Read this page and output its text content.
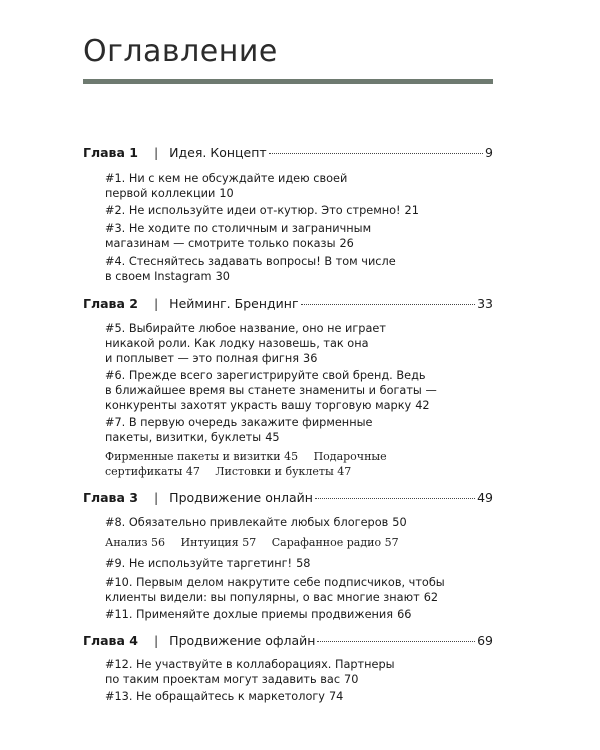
Оглавление
Глава 1 | Идея. Концепт	9
#1. Ни с кем не обсуждайте идею своей
первой коллекции 10
#2. Не используйте идеи от-кутюр. Это стремно! 21
#3. Не ходите по столичным и заграничным
магазинам — смотрите только показы 26
#4. Стесняйтесь задавать вопросы! В том числе
в своем Instagram 30
Глава 2 | Нейминг. Брендинг	33
#5. Выбирайте любое название, оно не играет
никакой роли. Как лодку назовешь, так она
и поплывет — это полная фигня 36
#6. Прежде всего зарегистрируйте свой бренд. Ведь
в ближайшее время вы станете знамениты и богаты —
конкуренты захотят украсть вашу торговую марку 42
#7. В первую очередь закажите фирменные
пакеты, визитки, буклеты 45
Фирменные пакеты и визитки 45 Подарочные
сертификаты 47 Листовки и буклеты 47
Глава 3 | Продвижение онлайн	49
#8. Обязательно привлекайте любых блогеров 50
Анализ 56 Интуиция 57 Сарафанное радио 57
#9. Не используйте таргетинг! 58
#10. Первым делом накрутите себе подписчиков, чтобы
клиенты видели: вы популярны, о вас многие знают 62
#11. Применяйте дохлые приемы продвижения 66
Глава 4 | Продвижение офлайн	69
#12. Не участвуйте в коллаборациях. Партнеры
по таким проектам могут задавить вас 70
#13. Не обращайтесь к маркетологу 74
